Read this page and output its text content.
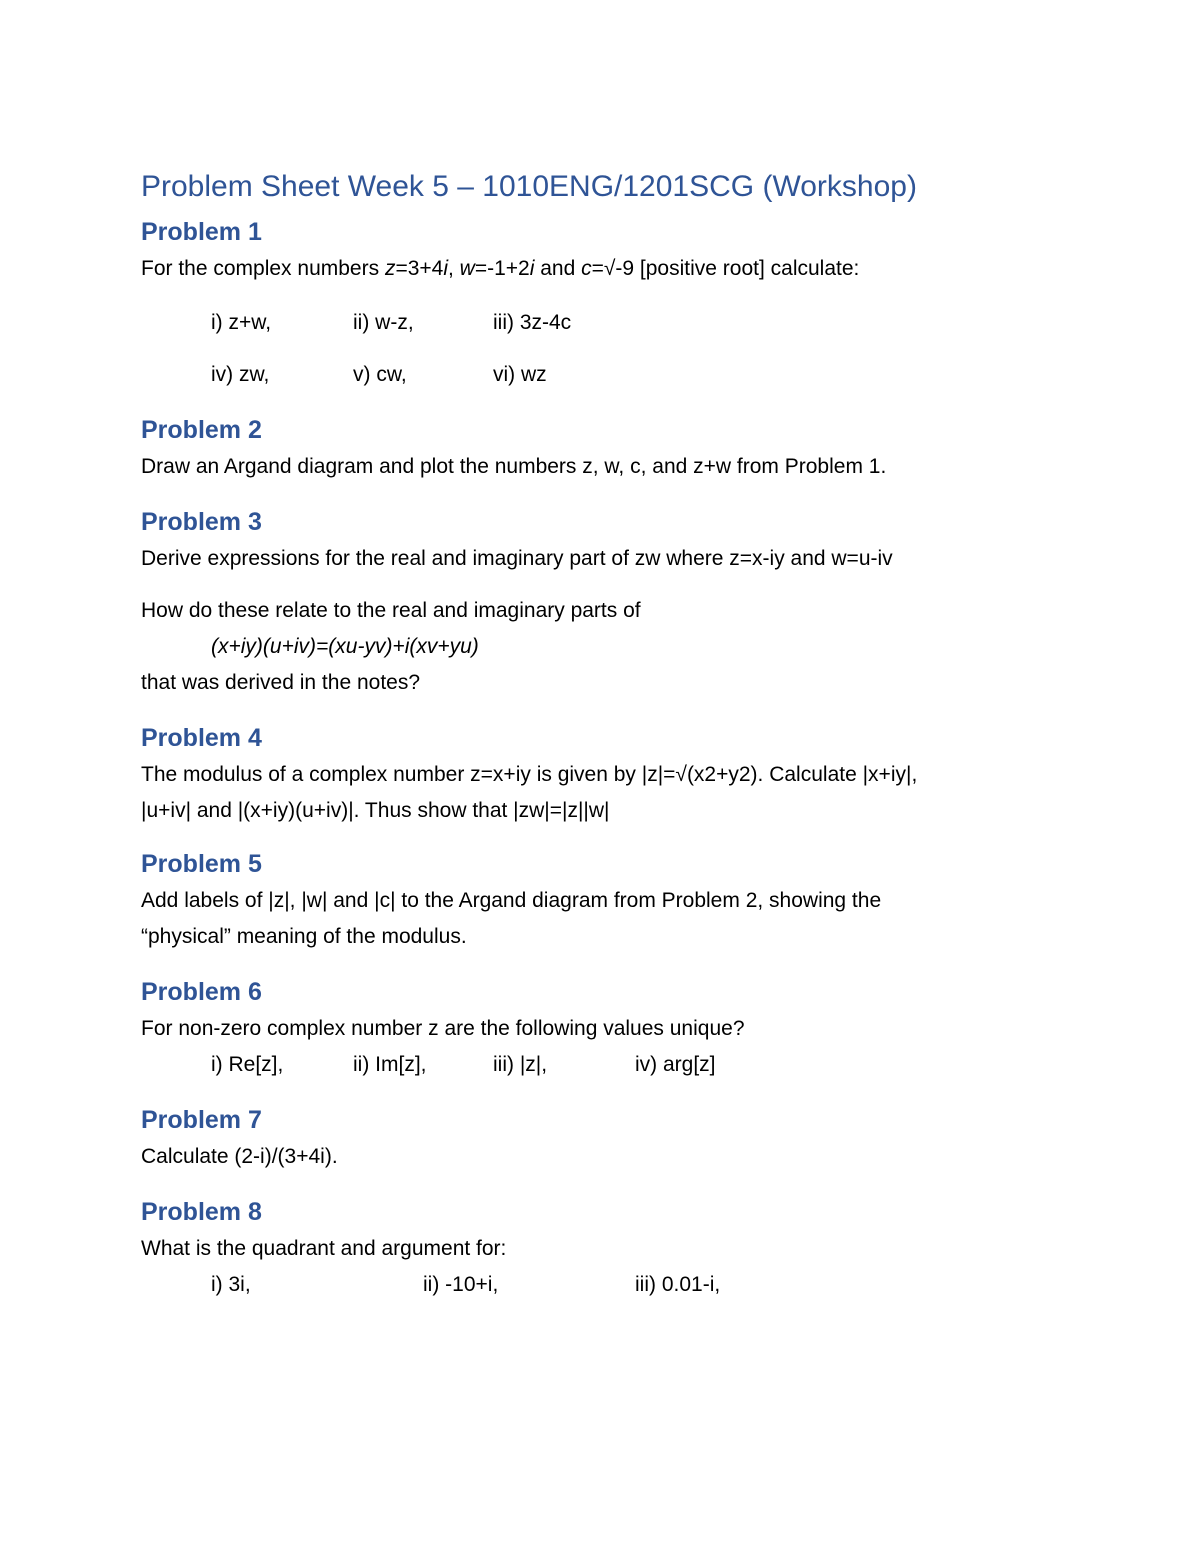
Problem Sheet Week 5 – 1010ENG/1201SCG (Workshop)
Problem 1

For the complex numbers z=3+4i, w=-1+2i and c=√-9 [positive root] calculate:

i) z+w,	ii) w-z,	iii) 3z-4c
iv) zw,	v) cw,	vi) wz
Problem 2

Draw an Argand diagram and plot the numbers z, w, c, and z+w from Problem 1.

Problem 3

Derive expressions for the real and imaginary part of zw where z=x-iy and w=u-iv

How do these relate to the real and imaginary parts of

(x+iy)(u+iv)=(xu-yv)+i(xv+yu)

that was derived in the notes?

Problem 4

The modulus of a complex number z=x+iy is given by |z|=√(x2+y2). Calculate |x+iy|,

|u+iv| and |(x+iy)(u+iv)|. Thus show that |zw|=|z||w|

Problem 5

Add labels of |z|, |w| and |c| to the Argand diagram from Problem 2, showing the

“physical” meaning of the modulus.

Problem 6

For non-zero complex number z are the following values unique?

i) Re[z],	ii) Im[z],	iii) |z|,	iv) arg[z]
Problem 7

Calculate (2-i)/(3+4i).

Problem 8

What is the quadrant and argument for:

i) 3i,	ii) -10+i,	iii) 0.01-i,
